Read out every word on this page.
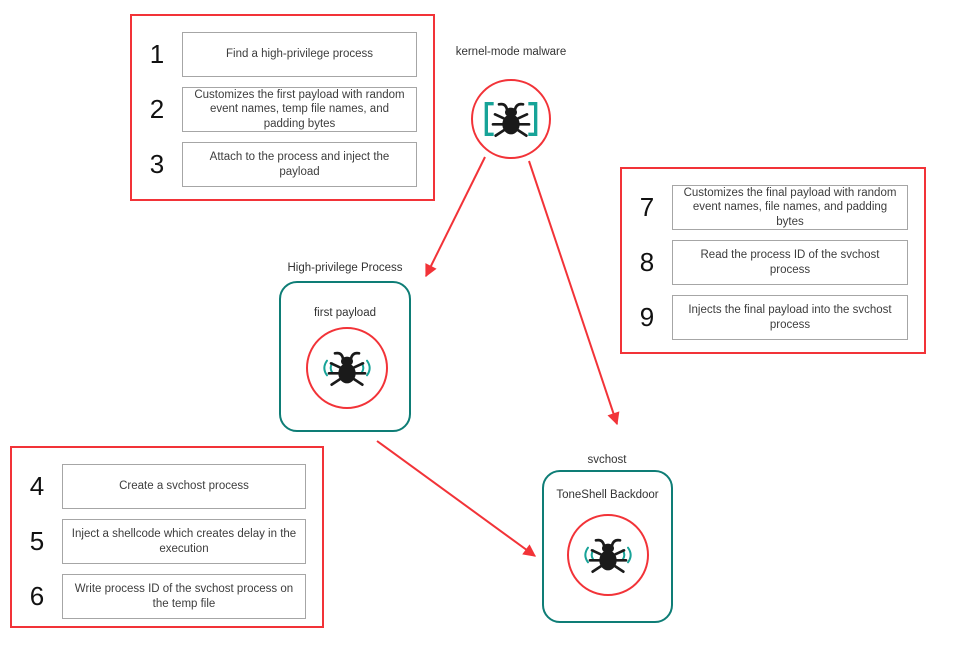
1	Find a high-privilege process
2	Customizes the first payload with random event names, temp file names, and padding bytes
3	Attach to the process and inject the payload
7	Customizes the final payload with random event names, file names, and padding bytes
8	Read the process ID of the svchost process
9	Injects the final payload into the svchost process
4	Create a svchost process
5	Inject a shellcode which creates delay in the execution
6	Write process ID of the svchost process on the temp file
kernel-mode malware
High-privilege Process
first payload
svchost
ToneShell Backdoor
